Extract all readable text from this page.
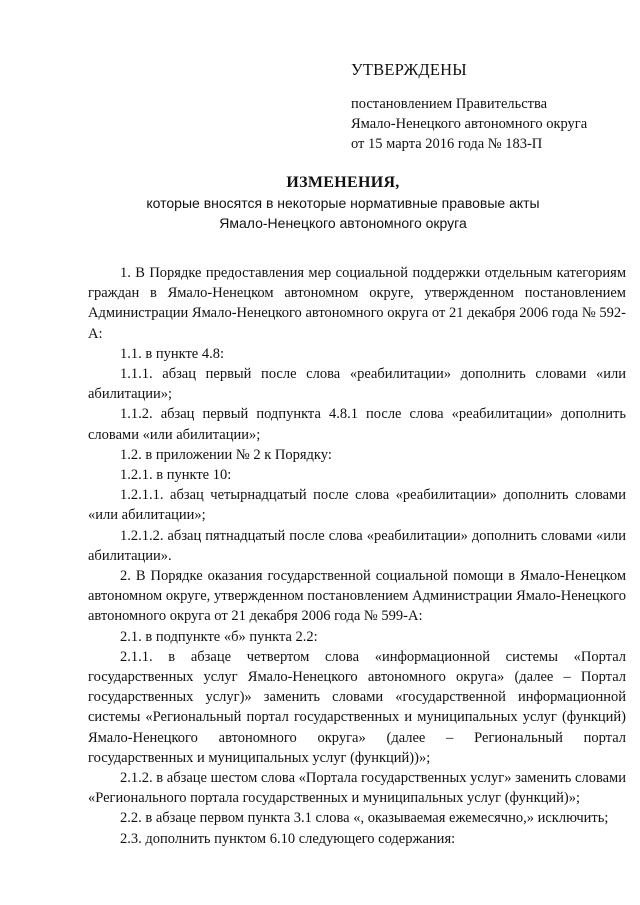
УТВЕРЖДЕНЫ
постановлением Правительства
Ямало-Ненецкого автономного округа
от 15 марта 2016 года № 183-П
ИЗМЕНЕНИЯ,
которые вносятся в некоторые нормативные правовые акты
Ямало-Ненецкого автономного округа

1. В Порядке предоставления мер социальной поддержки отдельным категориям граждан в Ямало-Ненецком автономном округе, утвержденном постановлением Администрации Ямало-Ненецкого автономного округа от 21 декабря 2006 года № 592-А:

1.1. в пункте 4.8:

1.1.1. абзац первый после слова «реабилитации» дополнить словами «или абилитации»;

1.1.2. абзац первый подпункта 4.8.1 после слова «реабилитации» дополнить словами «или абилитации»;

1.2. в приложении № 2 к Порядку:

1.2.1. в пункте 10:

1.2.1.1. абзац четырнадцатый после слова «реабилитации» дополнить словами «или абилитации»;

1.2.1.2. абзац пятнадцатый после слова «реабилитации» дополнить словами «или абилитации».

2. В Порядке оказания государственной социальной помощи в Ямало-Ненецком автономном округе, утвержденном постановлением Администрации Ямало-Ненецкого автономного округа от 21 декабря 2006 года № 599-А:

2.1. в подпункте «б» пункта 2.2:

2.1.1. в абзаце четвертом слова «информационной системы «Портал государственных услуг Ямало-Ненецкого автономного округа» (далее – Портал государственных услуг)» заменить словами «государственной информационной системы «Региональный портал государственных и муниципальных услуг (функций) Ямало-Ненецкого автономного округа» (далее – Региональный портал государственных и муниципальных услуг (функций))»;

2.1.2. в абзаце шестом слова «Портала государственных услуг» заменить словами «Регионального портала государственных и муниципальных услуг (функций)»;

2.2. в абзаце первом пункта 3.1 слова «, оказываемая ежемесячно,» исключить;

2.3. дополнить пунктом 6.10 следующего содержания:
